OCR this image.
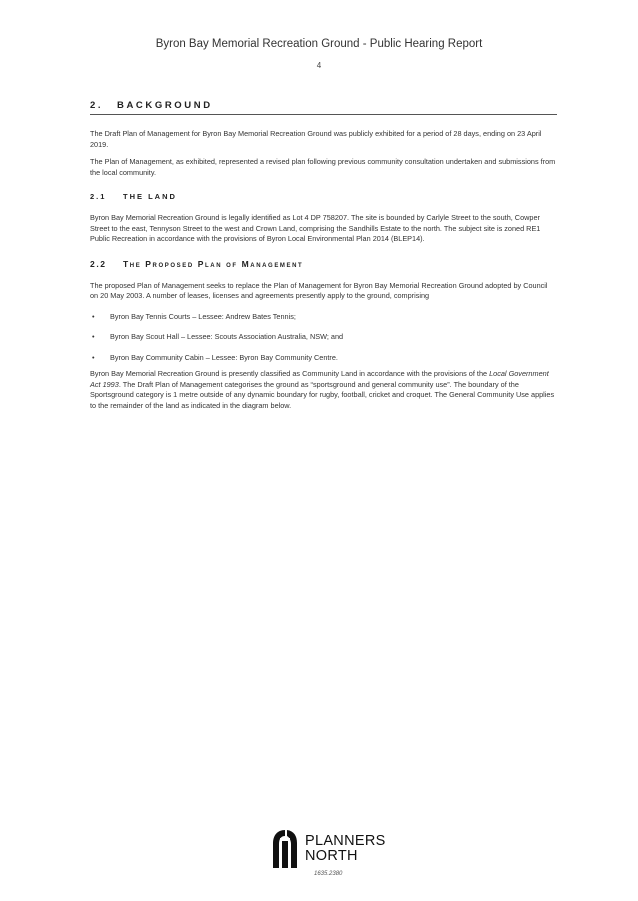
Byron Bay Memorial Recreation Ground - Public Hearing Report
4
2.	BACKGROUND

The Draft Plan of Management for Byron Bay Memorial Recreation Ground was publicly exhibited for a period of 28 days, ending on 23 April 2019.

The Plan of Management, as exhibited, represented a revised plan following previous community consultation undertaken and submissions from the local community.

2.1	THE LAND

Byron Bay Memorial Recreation Ground is legally identified as Lot 4 DP 758207. The site is bounded by Carlyle Street to the south, Cowper Street to the east, Tennyson Street to the west and Crown Land, comprising the Sandhills Estate to the north. The subject site is zoned RE1 Public Recreation in accordance with the provisions of Byron Local Environmental Plan 2014 (BLEP14).

2.2	The Proposed Plan of Management

The proposed Plan of Management seeks to replace the Plan of Management for Byron Bay Memorial Recreation Ground adopted by Council on 20 May 2003. A number of leases, licenses and agreements presently apply to the ground, comprising

• Byron Bay Tennis Courts – Lessee: Andrew Bates Tennis;
• Byron Bay Scout Hall – Lessee: Scouts Association Australia, NSW; and
• Byron Bay Community Cabin – Lessee: Byron Bay Community Centre.

Byron Bay Memorial Recreation Ground is presently classified as Community Land in accordance with the provisions of the Local Government Act 1993. The Draft Plan of Management categorises the ground as “sportsground and general community use”. The boundary of the Sportsground category is 1 metre outside of any dynamic boundary for rugby, football, cricket and croquet. The General Community Use applies to the remainder of the land as indicated in the diagram below.

PLANNERS
NORTH
1635.2380
